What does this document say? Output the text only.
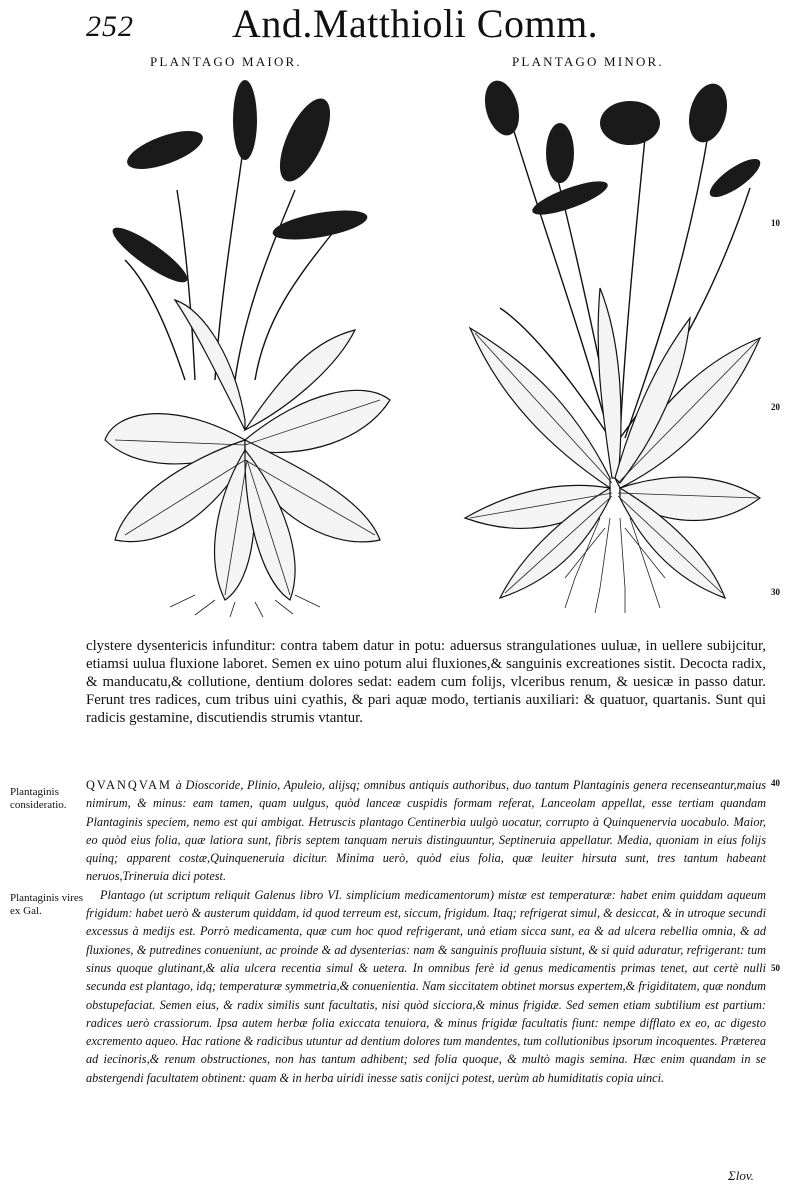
252 And.Matthioli Comm.
PLANTAGO MAIOR.	PLANTAGO MINOR.
10
20
30
40
50
Plantaginis consideratio.
Plantaginis vires ex Gal.

clystere dysentericis infunditur: contra tabem datur in potu: aduersus strangulationes uuluæ, in uellere subijcitur, etiamsi uulua fluxione laboret. Semen ex uino potum alui fluxiones,& sanguinis excreationes sistit. Decocta radix, & manducatu,& collutione, dentium dolores sedat: eadem cum folijs, vlceribus renum, & uesicæ in passo datur. Ferunt tres radices, cum tribus uini cyathis, & pari aquæ modo, tertianis auxiliari: & quatuor, quartanis. Sunt qui radicis gestamine, discutiendis strumis vtantur.

QVANQVAM à Dioscoride, Plinio, Apuleio, alijsq; omnibus antiquis authoribus, duo tantum Plantaginis genera recenseantur,maius nimirum, & minus: eam tamen, quam uulgus, quòd lanceæ cuspidis formam referat, Lanceolam appellat, esse tertiam quandam Plantaginis speciem, nemo est qui ambigat. Hetruscis plantago Centinerbia uulgò uocatur, corrupto à Quinquenervia uocabulo. Maior, eo quòd eius folia, quæ latiora sunt, fibris septem tanquam neruis distinguuntur, Septineruia appellatur. Media, quoniam in eius folijs quinq; apparent costæ,Quinqueneruia dicitur. Minima uerò, quòd eius folia, quæ leuiter hirsuta sunt, tres tantum habeant neruos,Trineruia dici potest.

Plantago (ut scriptum reliquit Galenus libro VI. simplicium medicamentorum) mistæ est temperaturæ: habet enim quiddam aqueum frigidum: habet uerò & austerum quiddam, id quod terreum est, siccum, frigidum. Itaq; refrigerat simul, & desiccat, & in utroque secundi excessus à medijs est. Porrò medicamenta, quæ cum hoc quod refrigerant, unà etiam sicca sunt, ea & ad ulcera rebellia omnia, & ad fluxiones, & putredines conueniunt, ac proinde & ad dysenterias: nam & sanguinis profluuia sistunt, & si quid aduratur, refrigerant: tum sinus quoque glutinant,& alia ulcera recentia simul & uetera. In omnibus ferè id genus medicamentis primas tenet, aut certè nulli secunda est plantago, idq; temperaturæ symmetria,& conuenientia. Nam siccitatem obtinet morsus expertem,& frigiditatem, quæ nondum obstupefaciat. Semen eius, & radix similis sunt facultatis, nisi quòd sicciora,& minus frigidæ. Sed semen etiam subtilium est partium: radices uerò crassiorum. Ipsa autem herbæ folia exiccata tenuiora, & minus frigidæ facultatis fiunt: nempe difflato ex eo, ac digesto excremento aqueo. Hac ratione & radicibus utuntur ad dentium dolores tum mandentes, tum collutionibus ipsorum incoquentes. Præterea ad iecinoris,& renum obstructiones, non has tantum adhibent; sed folia quoque, & multò magis semina. Hæc enim quandam in se abstergendi facultatem obtinent: quam & in herba uiridi inesse satis conijci potest, uerùm ab humiditatis copia uinci.

Σlov.
